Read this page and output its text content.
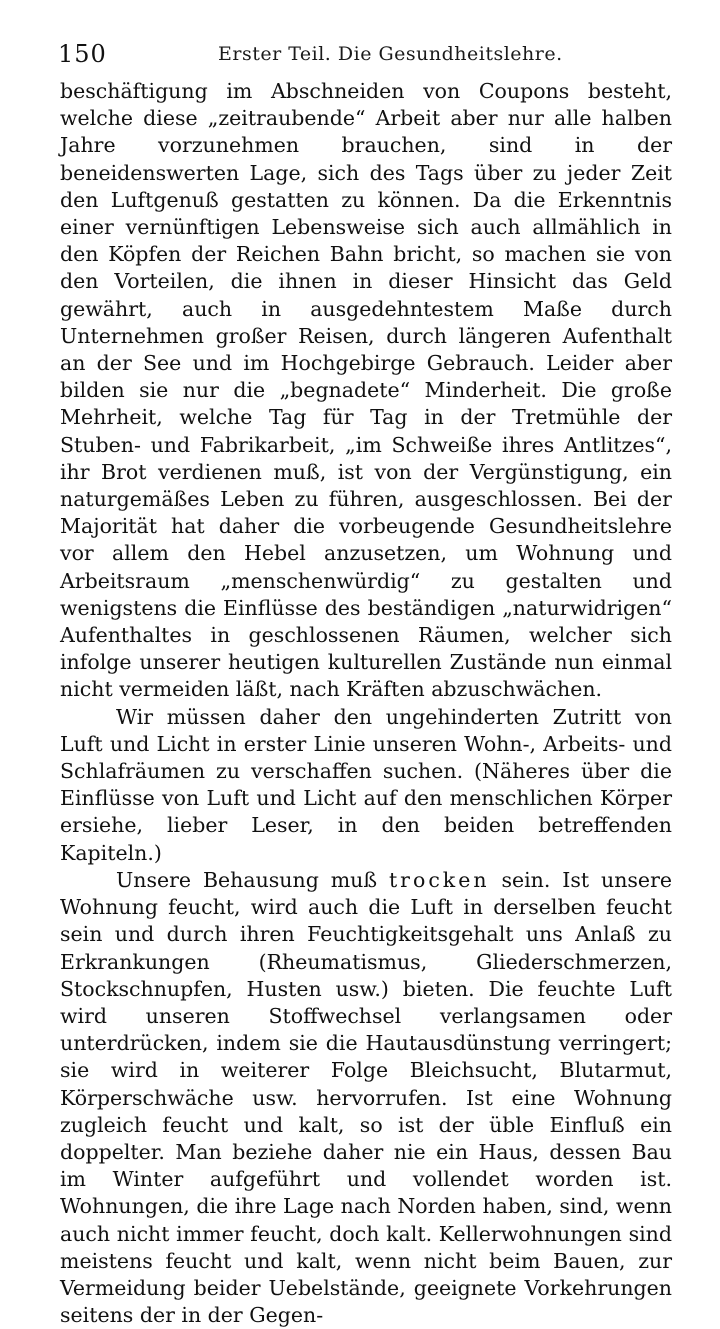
150	Erster Teil. Die Gesundheitslehre.

beschäftigung im Abschneiden von Coupons besteht, welche diese „zeitraubende“ Arbeit aber nur alle halben Jahre vorzunehmen brauchen, sind in der beneidenswerten Lage, sich des Tags über zu jeder Zeit den Luftgenuß gestatten zu können. Da die Erkenntnis einer vernünftigen Lebensweise sich auch allmählich in den Köpfen der Reichen Bahn bricht, so machen sie von den Vorteilen, die ihnen in dieser Hinsicht das Geld gewährt, auch in ausgedehntestem Maße durch Unternehmen großer Reisen, durch längeren Aufenthalt an der See und im Hochgebirge Gebrauch. Leider aber bilden sie nur die „begnadete“ Minderheit. Die große Mehrheit, welche Tag für Tag in der Tretmühle der Stuben- und Fabrikarbeit, „im Schweiße ihres Antlitzes“, ihr Brot verdienen muß, ist von der Vergünstigung, ein naturgemäßes Leben zu führen, ausgeschlossen. Bei der Majorität hat daher die vorbeugende Gesundheitslehre vor allem den Hebel anzusetzen, um Wohnung und Arbeitsraum „menschenwürdig“ zu gestalten und wenigstens die Einflüsse des beständigen „naturwidrigen“ Aufenthaltes in geschlossenen Räumen, welcher sich infolge unserer heutigen kulturellen Zustände nun einmal nicht vermeiden läßt, nach Kräften abzuschwächen.

Wir müssen daher den ungehinderten Zutritt von Luft und Licht in erster Linie unseren Wohn-, Arbeits- und Schlafräumen zu verschaffen suchen. (Näheres über die Einflüsse von Luft und Licht auf den menschlichen Körper ersiehe, lieber Leser, in den beiden betreffenden Kapiteln.)

Unsere Behausung muß trocken sein. Ist unsere Wohnung feucht, wird auch die Luft in derselben feucht sein und durch ihren Feuchtigkeitsgehalt uns Anlaß zu Erkrankungen (Rheumatismus, Gliederschmerzen, Stockschnupfen, Husten usw.) bieten. Die feuchte Luft wird unseren Stoffwechsel verlangsamen oder unterdrücken, indem sie die Hautausdünstung verringert; sie wird in weiterer Folge Bleichsucht, Blutarmut, Körperschwäche usw. hervorrufen. Ist eine Wohnung zugleich feucht und kalt, so ist der üble Einfluß ein doppelter. Man beziehe daher nie ein Haus, dessen Bau im Winter aufgeführt und vollendet worden ist. Wohnungen, die ihre Lage nach Norden haben, sind, wenn auch nicht immer feucht, doch kalt. Kellerwohnungen sind meistens feucht und kalt, wenn nicht beim Bauen, zur Vermeidung beider Uebelstände, geeignete Vorkehrungen seitens der in der Gegen-
